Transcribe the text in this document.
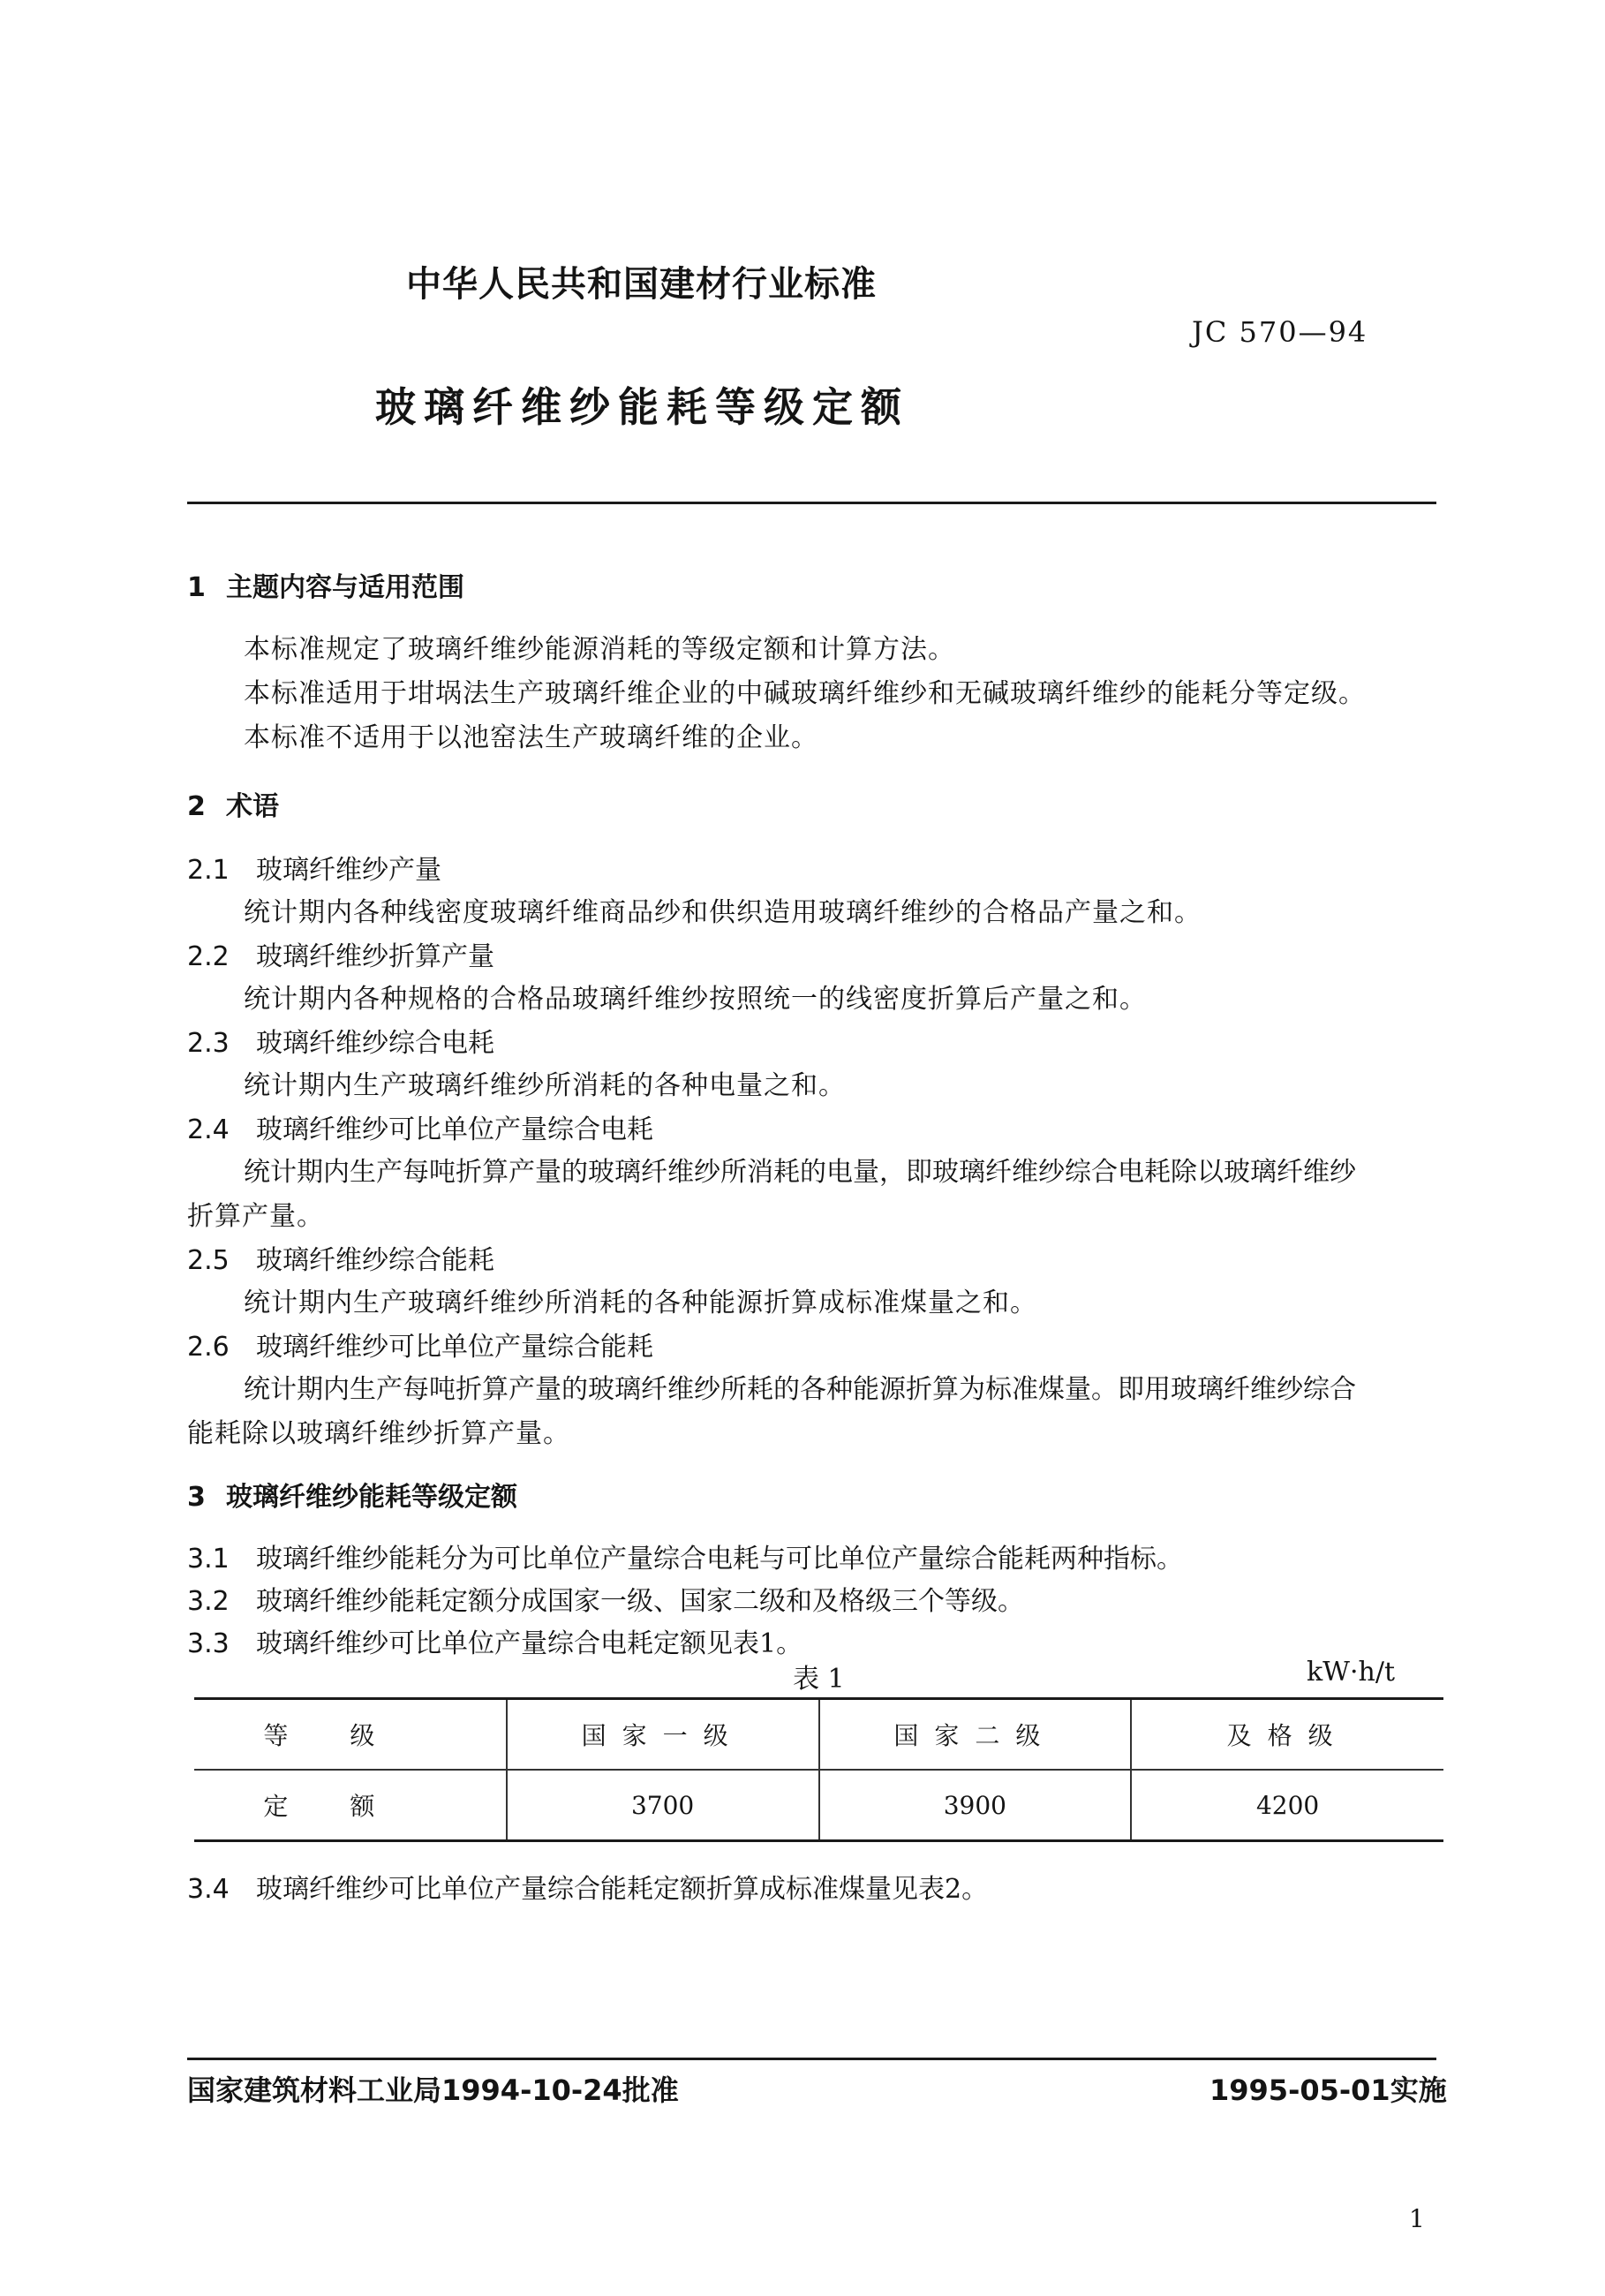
中华人民共和国建材行业标准
JC 570—94
玻璃纤维纱能耗等级定额
1 主题内容与适用范围
本标准规定了玻璃纤维纱能源消耗的等级定额和计算方法。
本标准适用于坩埚法生产玻璃纤维企业的中碱玻璃纤维纱和无碱玻璃纤维纱的能耗分等定级。
本标准不适用于以池窑法生产玻璃纤维的企业。
2 术语
2.1 玻璃纤维纱产量
统计期内各种线密度玻璃纤维商品纱和供织造用玻璃纤维纱的合格品产量之和。
2.2 玻璃纤维纱折算产量
统计期内各种规格的合格品玻璃纤维纱按照统一的线密度折算后产量之和。
2.3 玻璃纤维纱综合电耗
统计期内生产玻璃纤维纱所消耗的各种电量之和。
2.4 玻璃纤维纱可比单位产量综合电耗
统计期内生产每吨折算产量的玻璃纤维纱所消耗的电量，即玻璃纤维纱综合电耗除以玻璃纤维纱
折算产量。
2.5 玻璃纤维纱综合能耗
统计期内生产玻璃纤维纱所消耗的各种能源折算成标准煤量之和。
2.6 玻璃纤维纱可比单位产量综合能耗
统计期内生产每吨折算产量的玻璃纤维纱所耗的各种能源折算为标准煤量。即用玻璃纤维纱综合
能耗除以玻璃纤维纱折算产量。
3 玻璃纤维纱能耗等级定额
3.1 玻璃纤维纱能耗分为可比单位产量综合电耗与可比单位产量综合能耗两种指标。
3.2 玻璃纤维纱能耗定额分成国家一级、国家二级和及格级三个等级。
3.3 玻璃纤维纱可比单位产量综合电耗定额见表1。
表 1	kW·h/t
等级	国家一级	国家二级	及格级
定额	3700	3900	4200
3.4 玻璃纤维纱可比单位产量综合能耗定额折算成标准煤量见表2。
国家建筑材料工业局1994-10-24批准	1995-05-01实施
1
